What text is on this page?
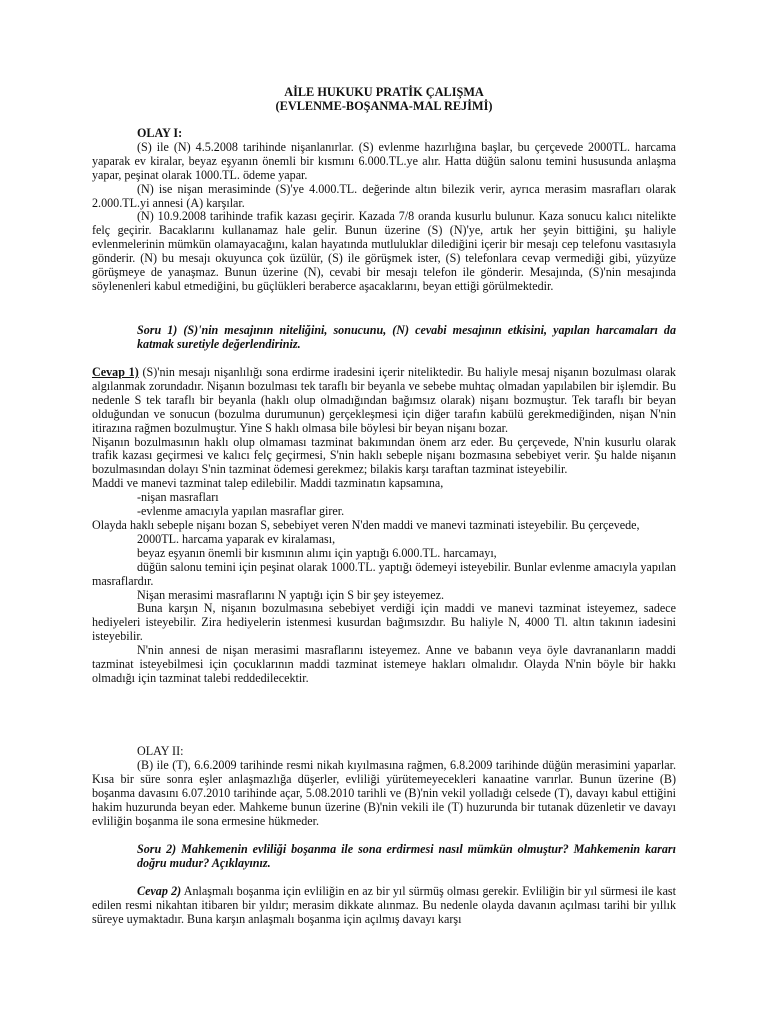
AİLE HUKUKU PRATİK ÇALIŞMA
(EVLENME-BOŞANMA-MAL REJİMİ)

OLAY I:

(S) ile (N) 4.5.2008 tarihinde nişanlanırlar. (S) evlenme hazırlığına başlar, bu çerçevede 2000TL. harcama yaparak ev kiralar, beyaz eşyanın önemli bir kısmını 6.000.TL.ye alır. Hatta düğün salonu temini hususunda anlaşma yapar, peşinat olarak 1000.TL. ödeme yapar.

(N) ise nişan merasiminde (S)'ye 4.000.TL. değerinde altın bilezik verir, ayrıca merasim masrafları olarak 2.000.TL.yi annesi (A) karşılar.

(N) 10.9.2008 tarihinde trafik kazası geçirir. Kazada 7/8 oranda kusurlu bulunur. Kaza sonucu kalıcı nitelikte felç geçirir. Bacaklarını kullanamaz hale gelir. Bunun üzerine (S) (N)'ye, artık her şeyin bittiğini, şu haliyle evlenmelerinin mümkün olamayacağını, kalan hayatında mutluluklar dilediğini içerir bir mesajı cep telefonu vasıtasıyla gönderir. (N) bu mesajı okuyunca çok üzülür, (S) ile görüşmek ister, (S) telefonlara cevap vermediği gibi, yüzyüze görüşmeye de yanaşmaz. Bunun üzerine (N), cevabi bir mesajı telefon ile gönderir. Mesajında, (S)'nin mesajında söylenenleri kabul etmediğini, bu güçlükleri beraberce aşacaklarını, beyan ettiği görülmektedir.

Soru 1) (S)'nin mesajının niteliğini, sonucunu, (N) cevabi mesajının etkisini, yapılan harcamaları da katmak suretiyle değerlendiriniz.

Cevap 1) (S)'nin mesajı nişanlılığı sona erdirme iradesini içerir niteliktedir. Bu haliyle mesaj nişanın bozulması olarak algılanmak zorundadır. Nişanın bozulması tek taraflı bir beyanla ve sebebe muhtaç olmadan yapılabilen bir işlemdir. Bu nedenle S tek taraflı bir beyanla (haklı olup olmadığından bağımsız olarak) nişanı bozmuştur. Tek taraflı bir beyan olduğundan ve sonucun (bozulma durumunun) gerçekleşmesi için diğer tarafın kabülü gerekmediğinden, nişan N'nin itirazına rağmen bozulmuştur. Yine S haklı olmasa bile böylesi bir beyan nişanı bozar.

Nişanın bozulmasının haklı olup olmaması tazminat bakımından önem arz eder. Bu çerçevede, N'nin kusurlu olarak trafik kazası geçirmesi ve kalıcı felç geçirmesi, S'nin haklı sebeple nişanı bozmasına sebebiyet verir. Şu halde nişanın bozulmasından dolayı S'nin tazminat ödemesi gerekmez; bilakis karşı taraftan tazminat isteyebilir.

Maddi ve manevi tazminat talep edilebilir. Maddi tazminatın kapsamına,

-nişan masrafları

-evlenme amacıyla yapılan masraflar girer.

Olayda haklı sebeple nişanı bozan S, sebebiyet veren N'den maddi ve manevi tazminati isteyebilir. Bu çerçevede,

2000TL. harcama yaparak ev kiralaması,

beyaz eşyanın önemli bir kısmının alımı için yaptığı 6.000.TL. harcamayı,

düğün salonu temini için peşinat olarak 1000.TL. yaptığı ödemeyi isteyebilir. Bunlar evlenme amacıyla yapılan masraflardır.

Nişan merasimi masraflarını N yaptığı için S bir şey isteyemez.

Buna karşın N, nişanın bozulmasına sebebiyet verdiği için maddi ve manevi tazminat isteyemez, sadece hediyeleri isteyebilir. Zira hediyelerin istenmesi kusurdan bağımsızdır. Bu haliyle N, 4000 Tl. altın takının iadesini isteyebilir.

N'nin annesi de nişan merasimi masraflarını isteyemez. Anne ve babanın veya öyle davrananların maddi tazminat isteyebilmesi için çocuklarının maddi tazminat istemeye hakları olmalıdır. Olayda N'nin böyle bir hakkı olmadığı için tazminat talebi reddedilecektir.

OLAY II:

(B) ile (T), 6.6.2009 tarihinde resmi nikah kıyılmasına rağmen, 6.8.2009 tarihinde düğün merasimini yaparlar. Kısa bir süre sonra eşler anlaşmazlığa düşerler, evliliği yürütemeyecekleri kanaatine varırlar. Bunun üzerine (B) boşanma davasını 6.07.2010 tarihinde açar, 5.08.2010 tarihli ve (B)'nin vekil yolladığı celsede (T), davayı kabul ettiğini hakim huzurunda beyan eder. Mahkeme bunun üzerine (B)'nin vekili ile (T) huzurunda bir tutanak düzenletir ve davayı evliliğin boşanma ile sona ermesine hükmeder.

Soru 2) Mahkemenin evliliği boşanma ile sona erdirmesi nasıl mümkün olmuştur? Mahkemenin kararı doğru mudur? Açıklayınız.

Cevap 2) Anlaşmalı boşanma için evliliğin en az bir yıl sürmüş olması gerekir. Evliliğin bir yıl sürmesi ile kast edilen resmi nikahtan itibaren bir yıldır; merasim dikkate alınmaz. Bu nedenle olayda davanın açılması tarihi bir yıllık süreye uymaktadır. Buna karşın anlaşmalı boşanma için açılmış davayı karşı
